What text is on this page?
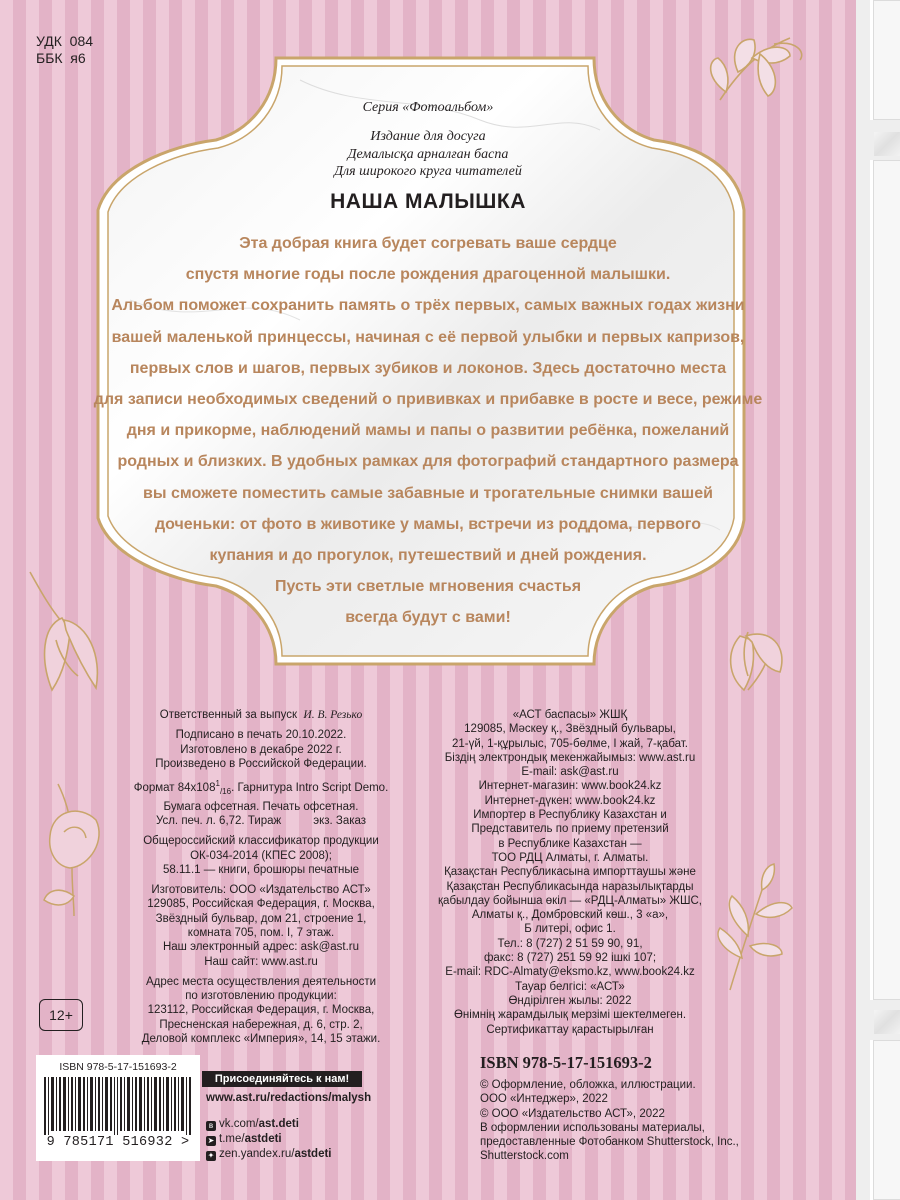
УДК  084
ББК  я6
Серия «Фотоальбом»
Издание для досуга
Демалысқа арналған баспа
Для широкого круга читателей
НАША МАЛЫШКА
Эта добрая книга будет согревать ваше сердце
спустя многие годы после рождения драгоценной малышки.
Альбом поможет сохранить память о трёх первых, самых важных годах жизни
вашей маленькой принцессы, начиная с её первой улыбки и первых капризов,
первых слов и шагов, первых зубиков и локонов. Здесь достаточно места
для записи необходимых сведений о прививках и прибавке в росте и весе, режиме
дня и прикорме, наблюдений мамы и папы о развитии ребёнка, пожеланий
родных и близких. В удобных рамках для фотографий стандартного размера
вы сможете поместить самые забавные и трогательные снимки вашей
доченьки: от фото в животике у мамы, встречи из роддома, первого
купания и до прогулок, путешествий и дней рождения.
Пусть эти светлые мгновения счастья
всегда будут с вами!
Ответственный за выпуск И. В. Резько
Подписано в печать 20.10.2022.
Изготовлено в декабре 2022 г.
Произведено в Российской Федерации.
Формат $84х108^1_{/16}$. Гарнитура Intro Script Demo.
Бумага офсетная. Печать офсетная.
Усл. печ. л. 6,72. Тираж          экз. Заказ
Общероссийский классификатор продукции
ОК-034-2014 (КПЕС 2008);
58.11.1 — книги, брошюры печатные
Изготовитель: ООО «Издательство АСТ»
129085, Российская Федерация, г. Москва,
Звёздный бульвар, дом 21, строение 1,
комната 705, пом. I, 7 этаж.
Наш электронный адрес: ask@ast.ru
Наш сайт: www.ast.ru
Адрес места осуществления деятельности
по изготовлению продукции:
123112, Российская Федерация, г. Москва,
Пресненская набережная, д. 6, стр. 2,
Деловой комплекс «Империя», 14, 15 этажи.
«АСТ баспасы» ЖШҚ
129085, Мәскеу қ., Звёздный бульвары,
21-үй, 1-құрылыс, 705-бөлме, I жай, 7-қабат.
Біздің электрондық мекенжайымыз: www.ast.ru
E-mail: ask@ast.ru
Интернет-магазин: www.book24.kz
Интернет-дүкен: www.book24.kz
Импортер в Республику Казахстан и
Представитель по приему претензий
в Республике Казахстан —
ТОО РДЦ Алматы, г. Алматы.
Қазақстан Республикасына импорттаушы және
Қазақстан Республикасында наразылықтарды
қабылдау бойынша өкіл — «РДЦ-Алматы» ЖШС,
Алматы қ., Домбровский көш., 3 «а»,
Б литері, офис 1.
Тел.: 8 (727) 2 51 59 90, 91,
факс: 8 (727) 251 59 92 ішкі 107;
E-mail: RDC-Almaty@eksmo.kz, www.book24.kz
Тауар белгісі: «АСТ»
Өндірілген жылы: 2022
Өнімнің жарамдылық мерзімі шектелмеген.
Сертификаттау қарастырылған
12+
ISBN 978-5-17-151693-2
9 785171 516932 >
Присоединяйтесь к нам!
www.ast.ru/redactions/malysh
в vk.com/ast.deti
➤ t.me/astdeti
✦ zen.yandex.ru/astdeti
ISBN 978-5-17-151693-2
© Оформление, обложка, иллюстрации.
ООО «Интеджер», 2022
© ООО «Издательство АСТ», 2022
В оформлении использованы материалы,
предоставленные Фотобанком Shutterstock, Inc.,
Shutterstock.com
